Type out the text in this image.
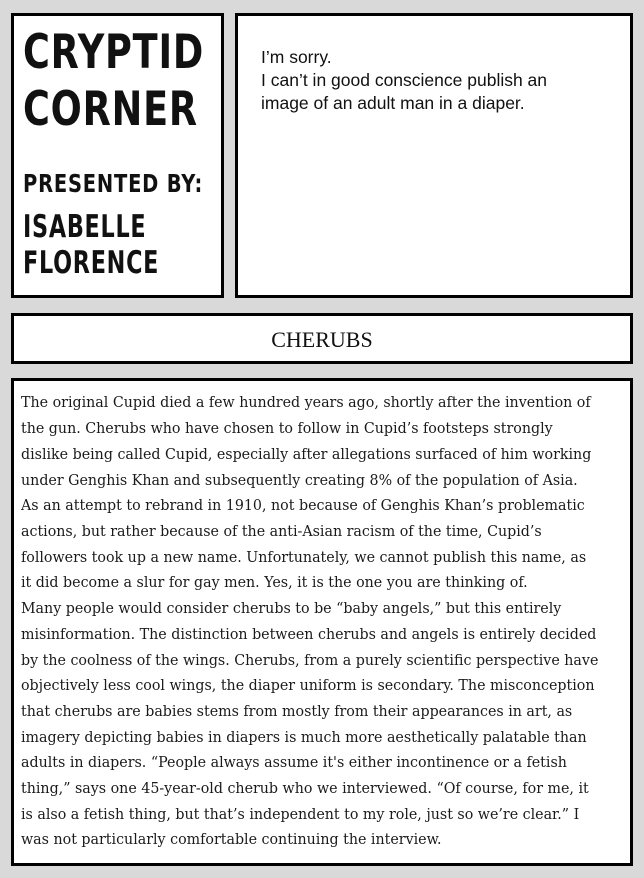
CRYPTID
CORNER
PRESENTED BY:
ISABELLE
FLORENCE
I’m sorry.
I can’t in good conscience publish an
image of an adult man in a diaper.
CHERUBS
The original Cupid died a few hundred years ago, shortly after the invention of
the gun. Cherubs who have chosen to follow in Cupid’s footsteps strongly
dislike being called Cupid, especially after allegations surfaced of him working
under Genghis Khan and subsequently creating 8% of the population of Asia.
As an attempt to rebrand in 1910, not because of Genghis Khan’s problematic
actions, but rather because of the anti-Asian racism of the time, Cupid’s
followers took up a new name. Unfortunately, we cannot publish this name, as
it did become a slur for gay men. Yes, it is the one you are thinking of.
Many people would consider cherubs to be “baby angels,” but this entirely
misinformation. The distinction between cherubs and angels is entirely decided
by the coolness of the wings. Cherubs, from a purely scientific perspective have
objectively less cool wings, the diaper uniform is secondary. The misconception
that cherubs are babies stems from mostly from their appearances in art, as
imagery depicting babies in diapers is much more aesthetically palatable than
adults in diapers. “People always assume it's either incontinence or a fetish
thing,” says one 45-year-old cherub who we interviewed. “Of course, for me, it
is also a fetish thing, but that’s independent to my role, just so we’re clear.” I
was not particularly comfortable continuing the interview.
